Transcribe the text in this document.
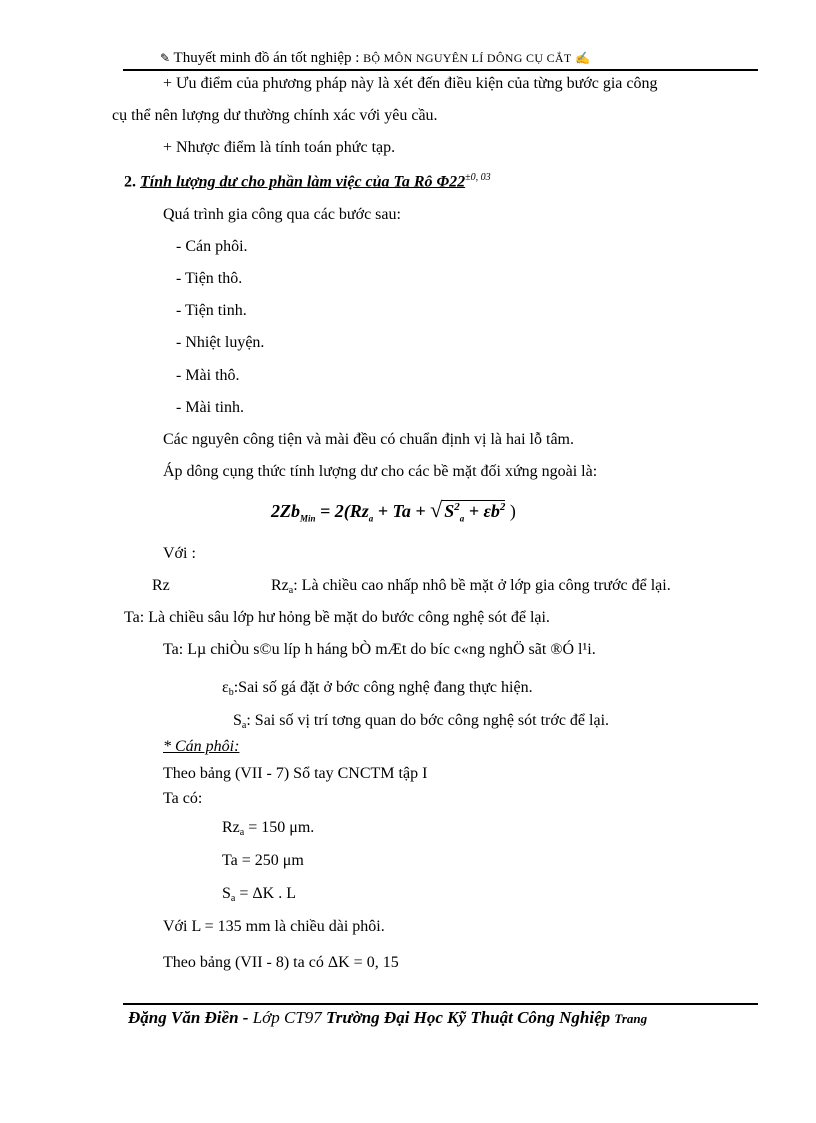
✎ Thuyết minh đồ án tốt nghiệp : BỘ MÔN NGUYÊN LÍ DÔNG CỤ CẮT ✍
+ Ưu điểm của phương pháp này là xét đến điều kiện của từng bước gia công
cụ thể nên lượng dư thường chính xác với yêu cầu.
+ Nhược điểm là tính toán phức tạp.
2. Tính lượng dư cho phần làm việc của Ta Rô $\Phi 22^{\pm 0, 03}$
Quá trình gia công qua các bước sau:
- Cán phôi.
- Tiện thô.
- Tiện tinh.
- Nhiệt luyện.
- Mài thô.
- Mài tinh.
Các nguyên công tiện và mài đều có chuẩn định vị là hai lỗ tâm.
Áp dông cụng thức tính lượng dư cho các bề mặt đối xứng ngoài là:
$2Zb_{Min} = 2(Rz_a + Ta$ + √ $S^2_a + \varepsilon b^2$ )
Với :
Rz	$Rz_a$: Là chiều cao nhấp nhô bề mặt ở lớp gia công trước để lại.
Ta: Là chiều sâu lớp hư hỏng bề mặt do bước công nghệ sót để lại.
Ta: Lµ chiÒu s©u líp h háng bÒ mÆt do bíc c«ng nghÖ sãt ®Ó l¹i.
$\varepsilon_b:Sai$ số gá đặt ở bớc công nghệ đang thực hiện.
$S_a$: Sai số vị trí tơng quan do bớc công nghệ sót trớc để lại.
* Cán phôi:
Theo bảng (VII - 7) Sổ tay CNCTM tập I
Ta có:
$Rz_a = 150$ μm.
Ta = 250 μm
$S_a = \Delta K$ . L
Với L = 135 mm là chiều dài phôi.
Theo bảng (VII - 8) ta có ΔK = 0, 15
Đặng Văn Điền - Lớp CT97 Trường Đại Học Kỹ Thuật Công Nghiệp Trang
